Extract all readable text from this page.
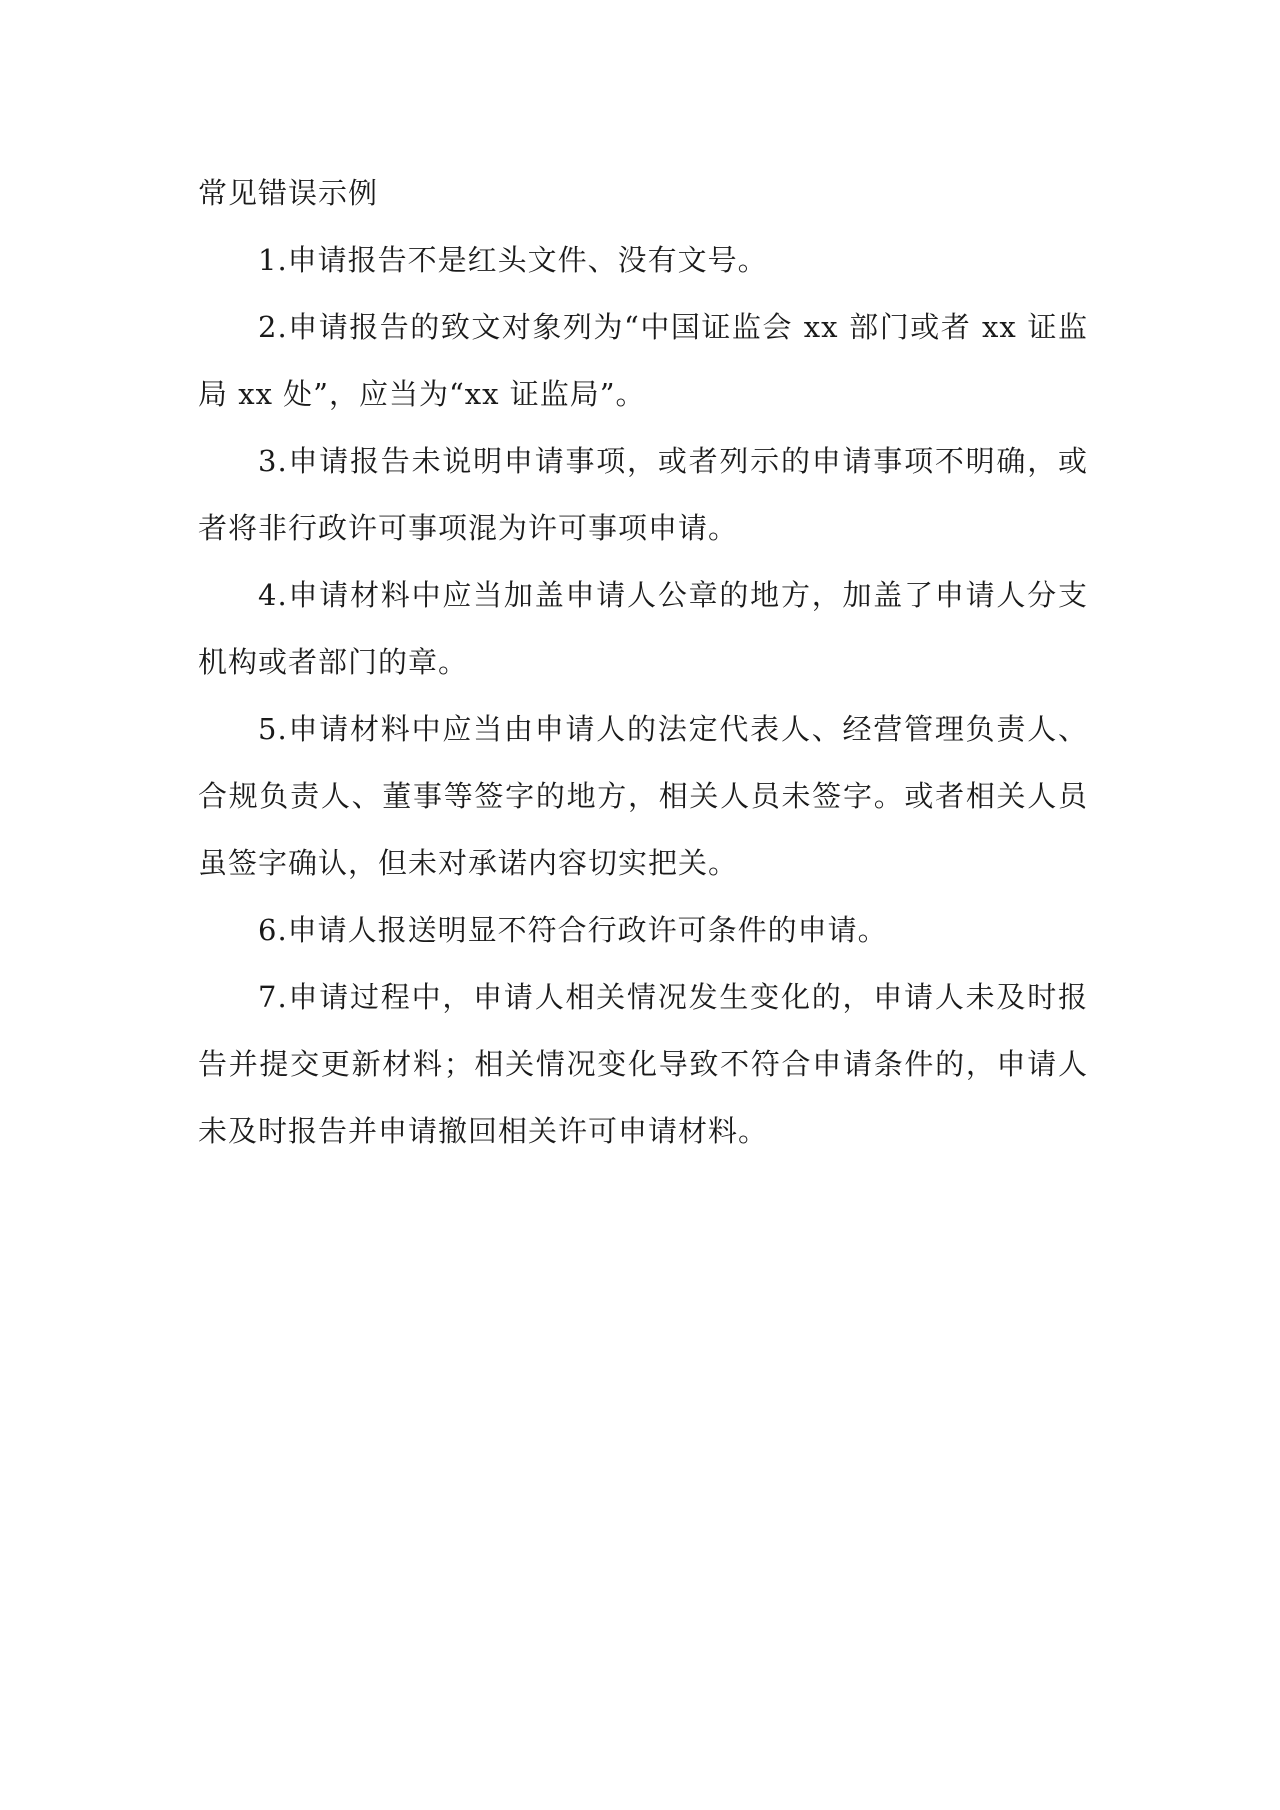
常见错误示例

1.申请报告不是红头文件、没有文号。

2.申请报告的致文对象列为“中国证监会 xx 部门或者 xx 证监局 xx 处”，应当为“xx 证监局”。

3.申请报告未说明申请事项，或者列示的申请事项不明确，或者将非行政许可事项混为许可事项申请。

4.申请材料中应当加盖申请人公章的地方，加盖了申请人分支机构或者部门的章。

5.申请材料中应当由申请人的法定代表人、经营管理负责人、合规负责人、董事等签字的地方，相关人员未签字。或者相关人员虽签字确认，但未对承诺内容切实把关。

6.申请人报送明显不符合行政许可条件的申请。

7.申请过程中，申请人相关情况发生变化的，申请人未及时报告并提交更新材料；相关情况变化导致不符合申请条件的，申请人未及时报告并申请撤回相关许可申请材料。
